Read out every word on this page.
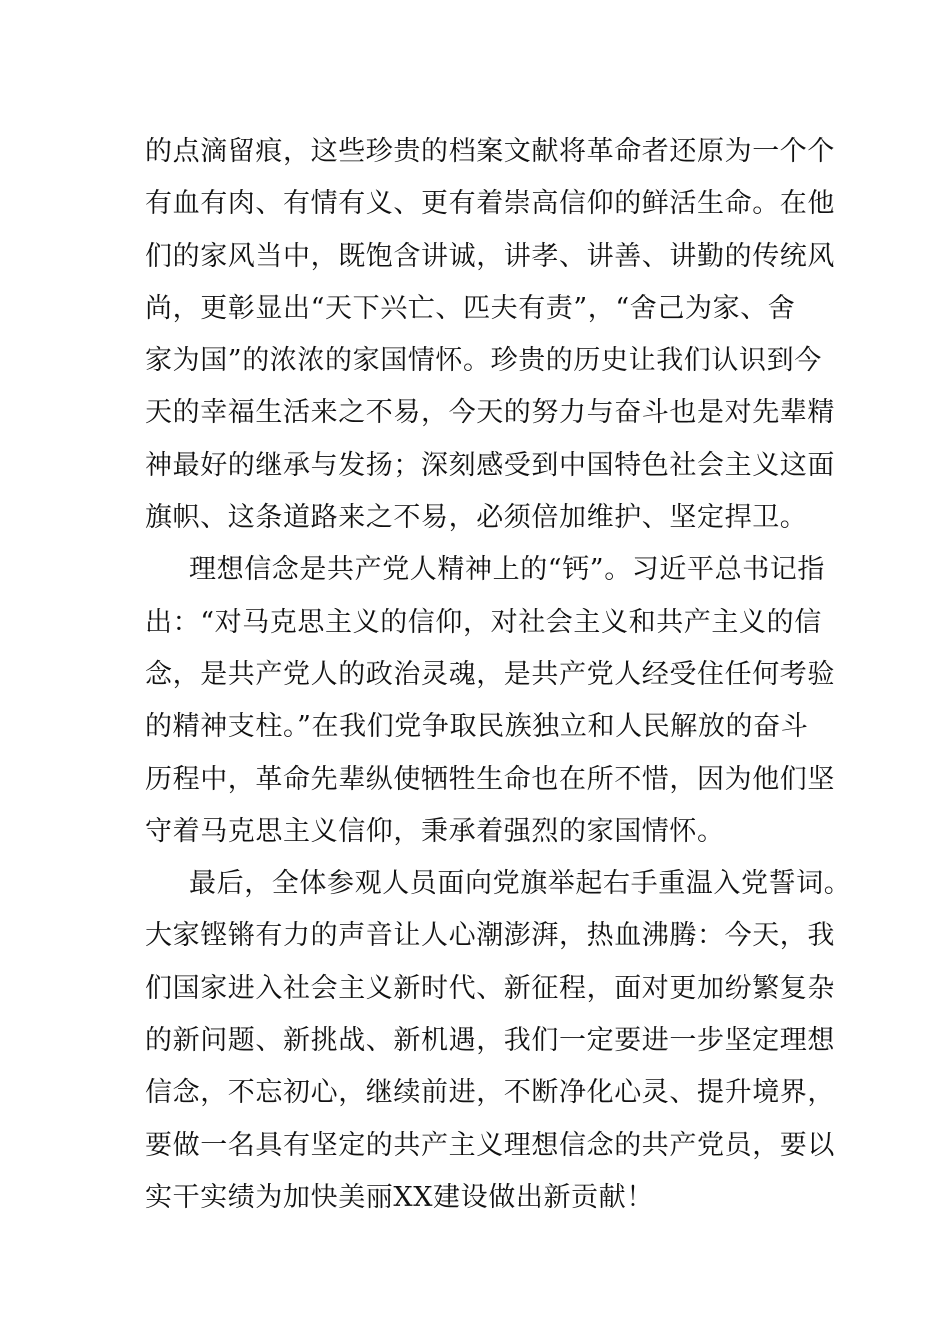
的点滴留痕，这些珍贵的档案文献将革命者还原为一个个
有血有肉、有情有义、更有着崇高信仰的鲜活生命。在他
们的家风当中，既饱含讲诚，讲孝、讲善、讲勤的传统风
尚，更彰显出“天下兴亡、匹夫有责”，“舍己为家、舍
家为国”的浓浓的家国情怀。珍贵的历史让我们认识到今
天的幸福生活来之不易，今天的努力与奋斗也是对先辈精
神最好的继承与发扬；深刻感受到中国特色社会主义这面
旗帜、这条道路来之不易，必须倍加维护、坚定捍卫。
理想信念是共产党人精神上的“钙”。习近平总书记指
出：“对马克思主义的信仰，对社会主义和共产主义的信
念，是共产党人的政治灵魂，是共产党人经受住任何考验
的精神支柱。”在我们党争取民族独立和人民解放的奋斗
历程中，革命先辈纵使牺牲生命也在所不惜，因为他们坚
守着马克思主义信仰，秉承着强烈的家国情怀。
最后，全体参观人员面向党旗举起右手重温入党誓词。
大家铿锵有力的声音让人心潮澎湃，热血沸腾：今天，我
们国家进入社会主义新时代、新征程，面对更加纷繁复杂
的新问题、新挑战、新机遇，我们一定要进一步坚定理想
信念，不忘初心，继续前进，不断净化心灵、提升境界，
要做一名具有坚定的共产主义理想信念的共产党员，要以
实干实绩为加快美丽XX建设做出新贡献！
